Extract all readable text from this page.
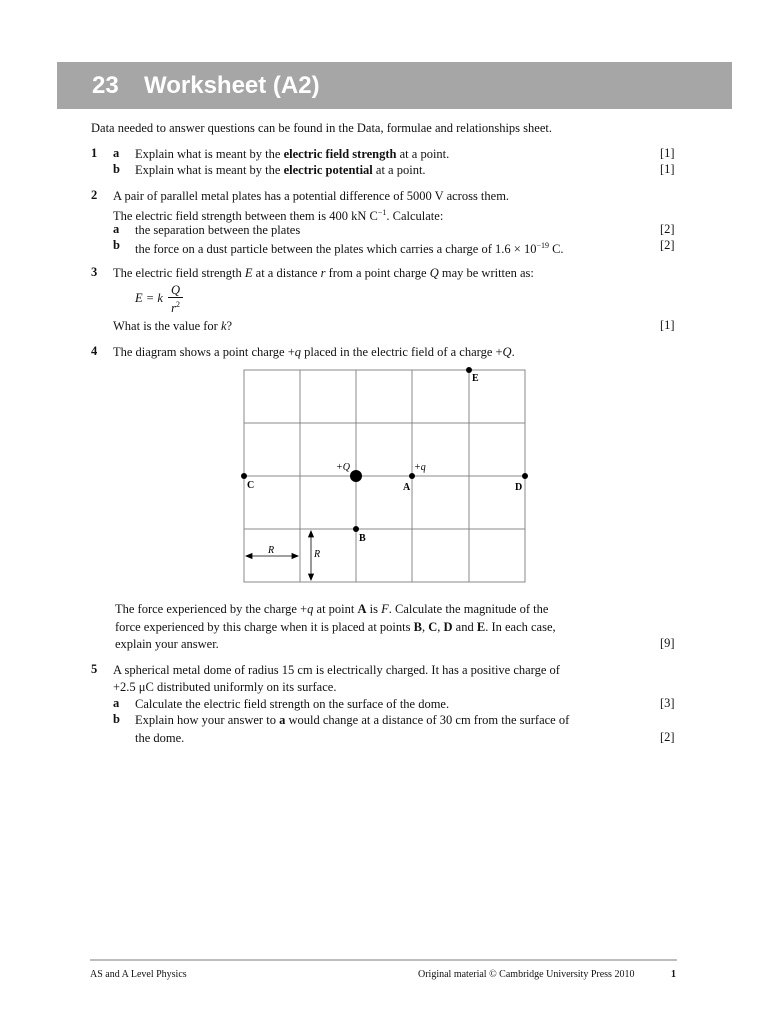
23	Worksheet (A2)
Data needed to answer questions can be found in the Data, formulae and relationships sheet.
1 a Explain what is meant by the electric field strength at a point.	[1]
b Explain what is meant by the electric potential at a point.	[1]
2 A pair of parallel metal plates has a potential difference of 5000 V across them.
The electric field strength between them is 400 kN $C^{-1}$. Calculate:
a the separation between the plates	[2]
b the force on a dust particle between the plates which carries a charge of $1.6 \times 10^{-19}$ C.	[2]
3 The electric field strength E at a distance r from a point charge Q may be written as:
E = k $\frac{Q}{r^2}$
What is the value for k?	[1]
4 The diagram shows a point charge +q placed in the electric field of a charge +Q.
+Q	+q
A
B
C	D
E
R	R
The force experienced by the charge +q at point A is F. Calculate the magnitude of the
force experienced by this charge when it is placed at points B, C, D and E. In each case,
explain your answer.	[9]
5 A spherical metal dome of radius 15 cm is electrically charged. It has a positive charge of
+2.5 μC distributed uniformly on its surface.
a Calculate the electric field strength on the surface of the dome.	[3]
b Explain how your answer to a would change at a distance of 30 cm from the surface of
the dome.	[2]
AS and A Level Physics	Original material © Cambridge University Press 2010	1
